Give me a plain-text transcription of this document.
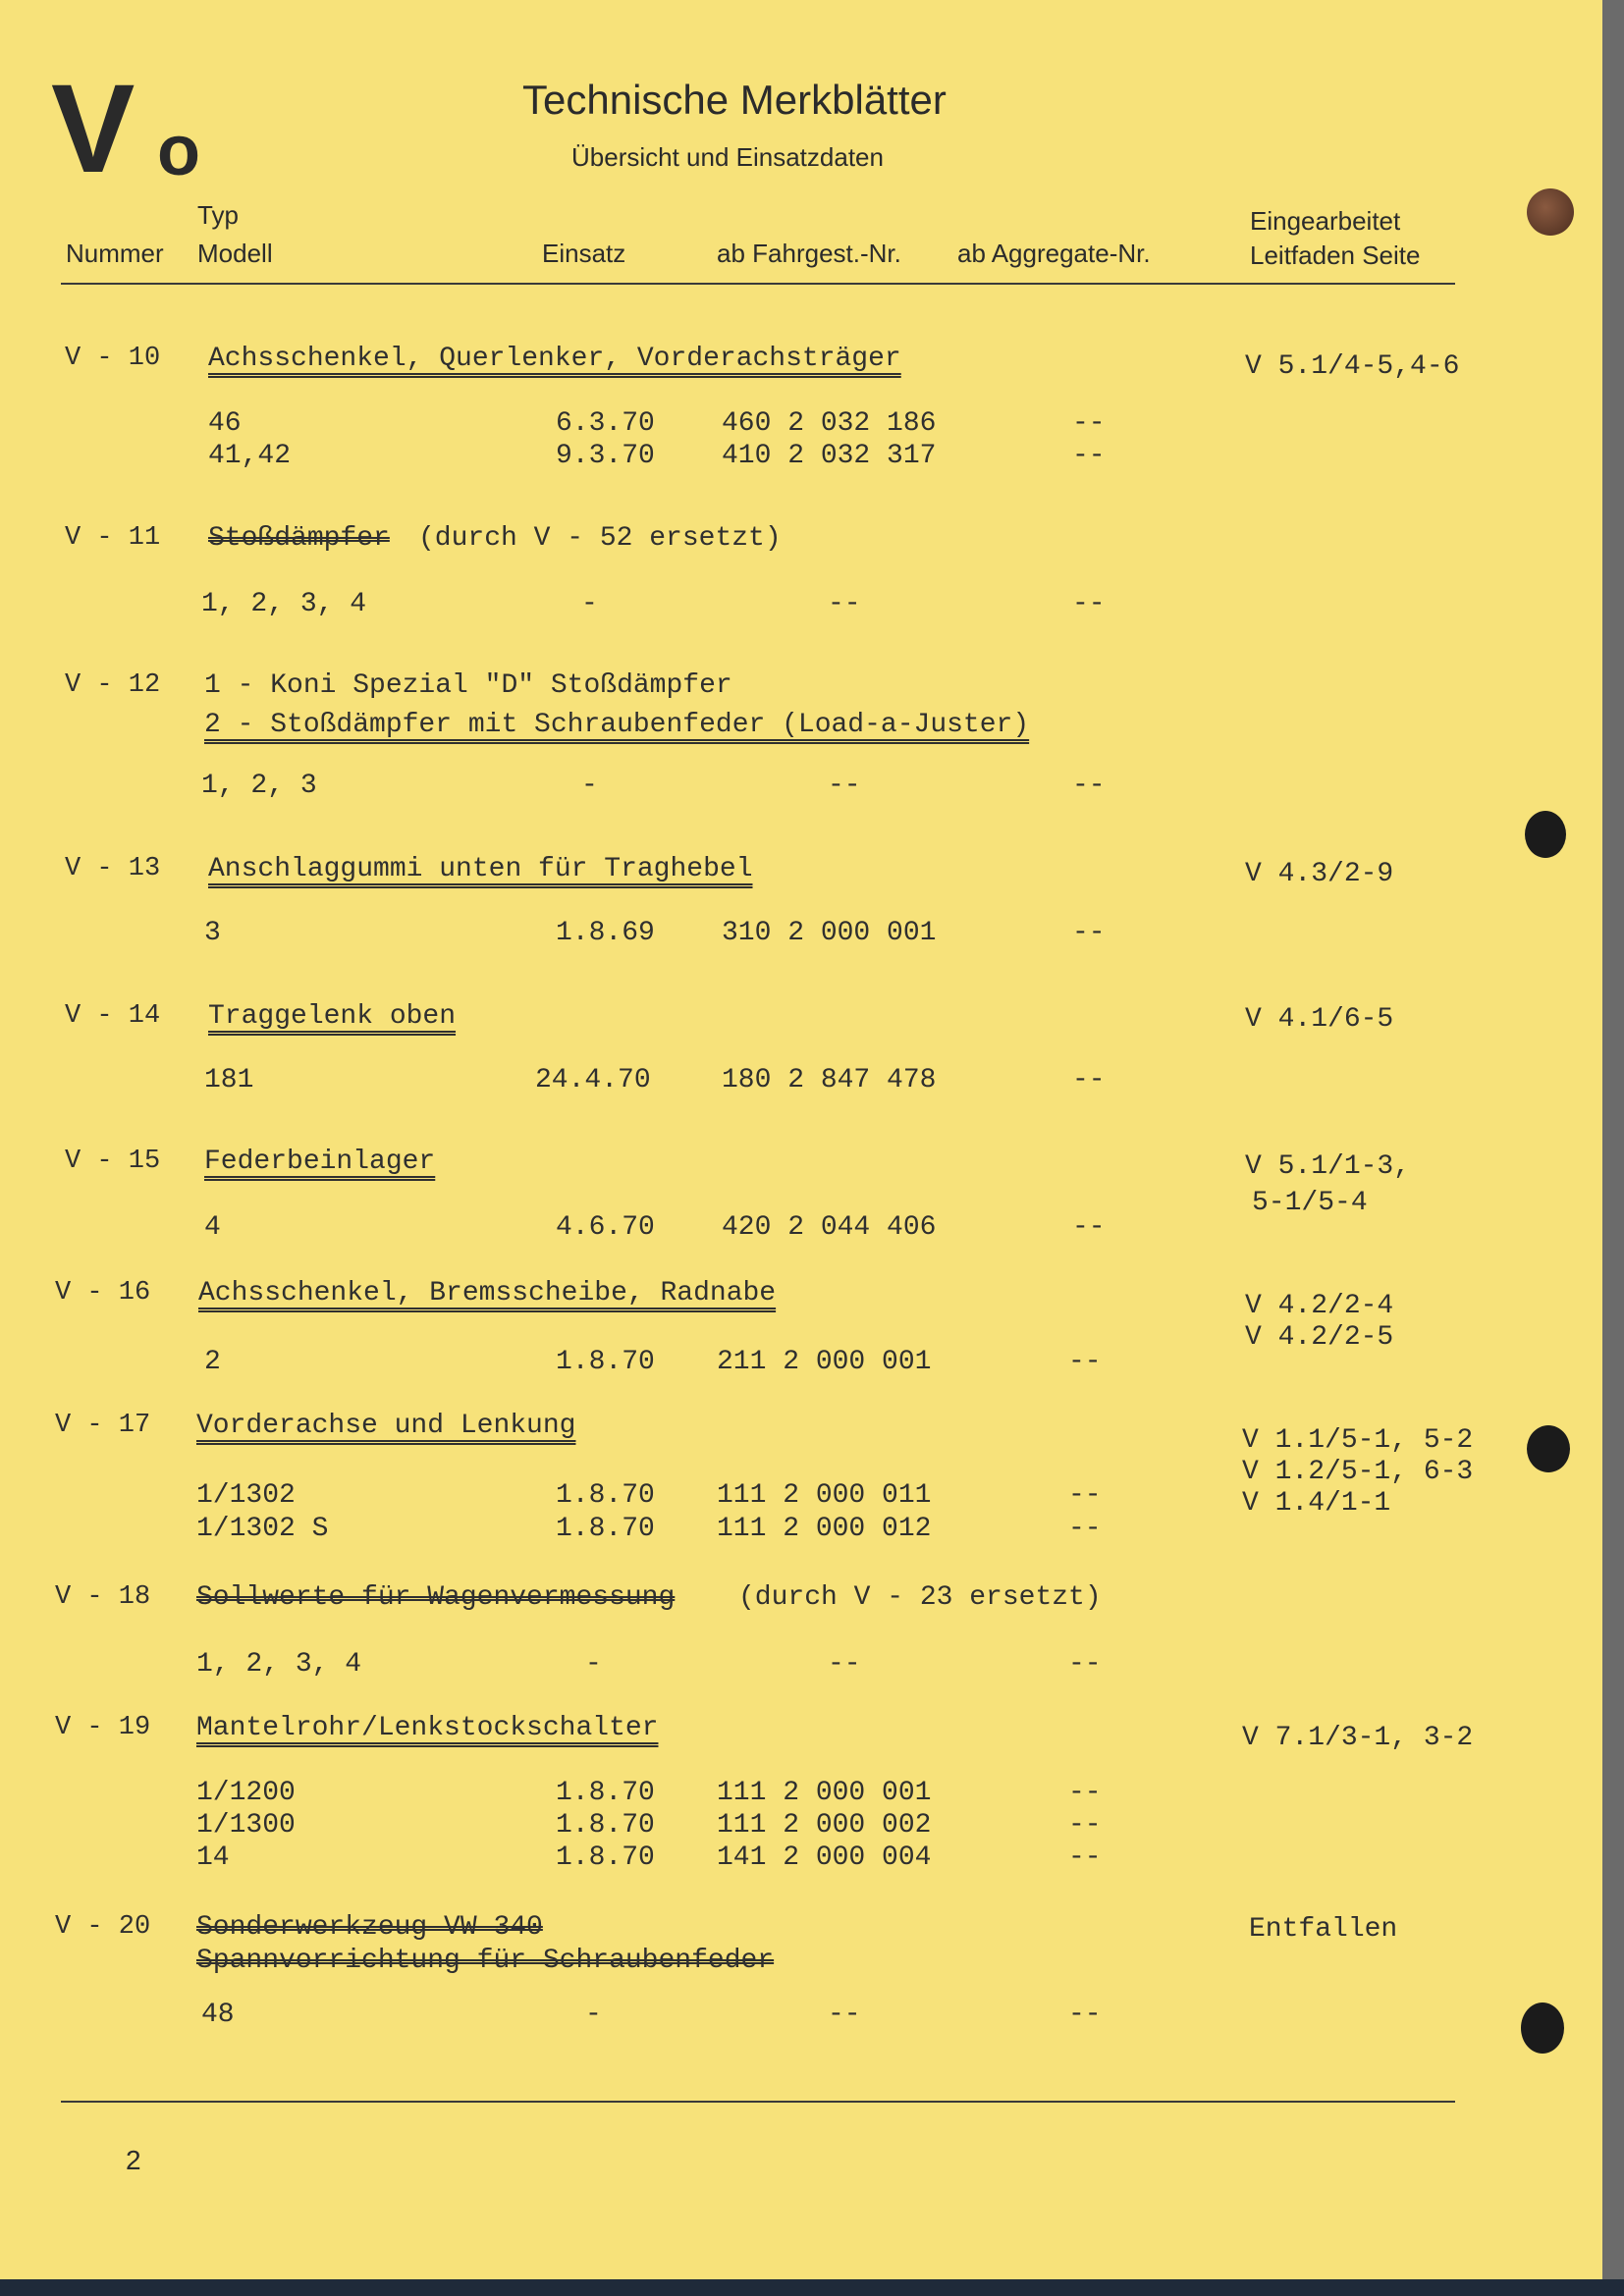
V o
Technische Merkblätter
Übersicht und Einsatzdaten
Typ
Nummer Modell	Einsatz	ab Fahrgest.-Nr. ab Aggregate-Nr.
Eingearbeitet
Leitfaden Seite
V - 10 Achsschenkel, Querlenker, Vorderachsträger	V 5.1/4-5,4-6
46	6.3.70 460 2 032 186	--
41,42	9.3.70 410 2 032 317	--
V - 11 Stoßdämpfer (durch V - 52 ersetzt)
1, 2, 3, 4	-	--	--
V - 12 1 - Koni Spezial "D" Stoßdämpfer
2 - Stoßdämpfer mit Schraubenfeder (Load-a-Juster)
1, 2, 3	-	--	--
V - 13 Anschlaggummi unten für Traghebel	V 4.3/2-9
3	1.8.69 310 2 000 001	--
V - 14 Traggelenk oben	V 4.1/6-5
181	24.4.70	180 2 847 478	--
V - 15 Federbeinlager	V 5.1/1-3,
5-1/5-4
4	4.6.70 420 2 044 406	--
V - 16 Achsschenkel, Bremsscheibe, Radnabe	V 4.2/2-4
V 4.2/2-5
2	1.8.70 211 2 000 001	--
V - 17 Vorderachse und Lenkung	V 1.1/5-1, 5-2
V 1.2/5-1, 6-3
V 1.4/1-1
1/1302	1.8.70 111 2 000 011	--
1/1302 S	1.8.70 111 2 000 012	--
V - 18 Sollwerte für Wagenvermessung (durch V - 23 ersetzt)
1, 2, 3, 4	-	--	--
V - 19 Mantelrohr/Lenkstockschalter	V 7.1/3-1, 3-2
1/1200	1.8.70 111 2 000 001	--
1/1300	1.8.70 111 2 000 002	--
14	1.8.70 141 2 000 004	--
V - 20 Sonderwerkzeug VW 340
Spannvorrichtung für Schraubenfeder
Entfallen
48	-	--	--
2
